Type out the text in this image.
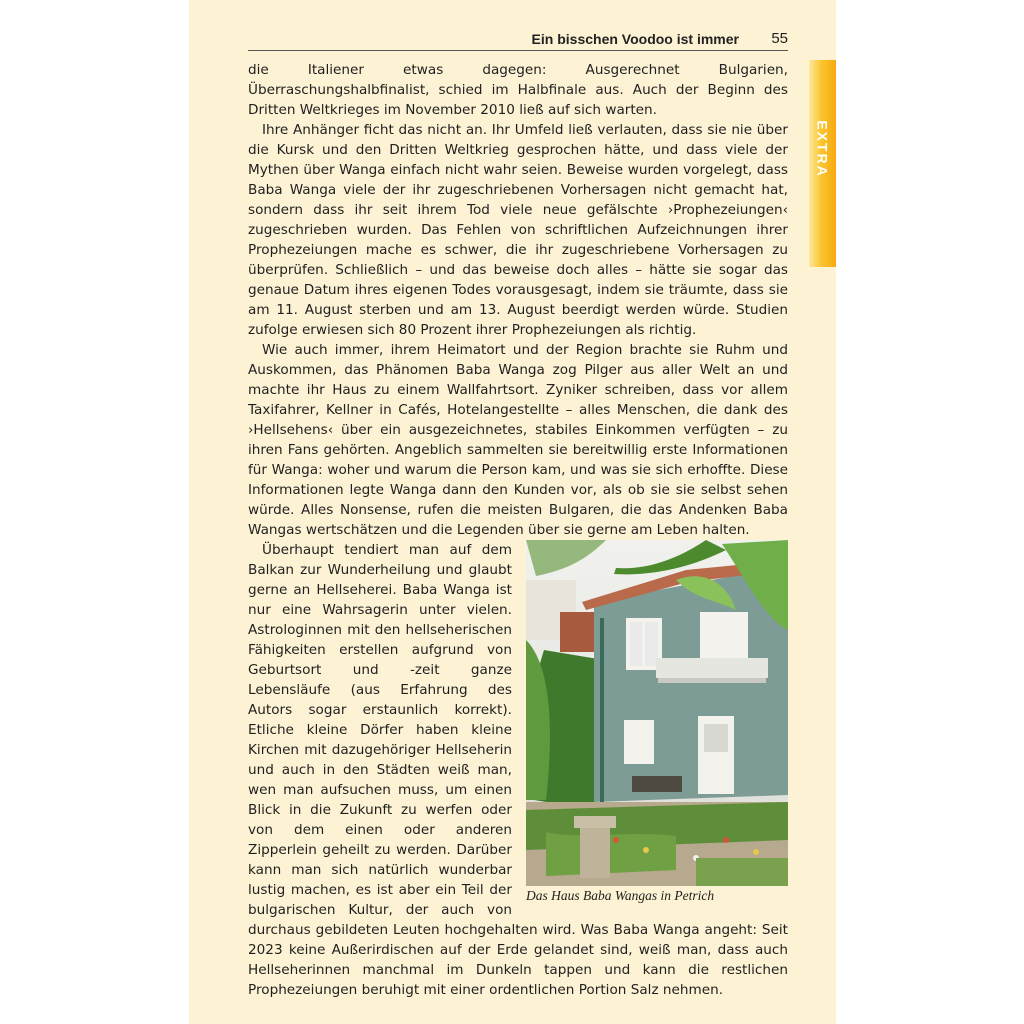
Ein bisschen Voodoo ist immer 55
EXTRA

die Italiener etwas dagegen: Ausgerechnet Bulgarien, Überraschungshalbfinalist, schied im Halbfinale aus. Auch der Beginn des Dritten Weltkrieges im November 2010 ließ auf sich warten.

Ihre Anhänger ficht das nicht an. Ihr Umfeld ließ verlauten, dass sie nie über die Kursk und den Dritten Weltkrieg gesprochen hätte, und dass viele der Mythen über Wanga einfach nicht wahr seien. Beweise wurden vorgelegt, dass Baba Wanga viele der ihr zugeschriebenen Vorhersagen nicht gemacht hat, sondern dass ihr seit ihrem Tod viele neue gefälschte ›Prophezeiungen‹ zugeschrieben wurden. Das Fehlen von schriftlichen Aufzeichnungen ihrer Prophezeiungen mache es schwer, die ihr zugeschriebene Vorhersagen zu überprüfen. Schließlich – und das beweise doch alles – hätte sie sogar das genaue Datum ihres eigenen Todes vorausgesagt, indem sie träumte, dass sie am 11. August sterben und am 13. August beerdigt werden würde. Studien zufolge erwiesen sich 80 Prozent ihrer Prophezeiungen als richtig.

Wie auch immer, ihrem Heimatort und der Region brachte sie Ruhm und Auskommen, das Phänomen Baba Wanga zog Pilger aus aller Welt an und machte ihr Haus zu einem Wallfahrtsort. Zyniker schreiben, dass vor allem Taxifahrer, Kellner in Cafés, Hotelangestellte – alles Menschen, die dank des ›Hellsehens‹ über ein ausgezeichnetes, stabiles Einkommen verfügten – zu ihren Fans gehörten. Angeblich sammelten sie bereitwillig erste Informationen für Wanga: woher und warum die Person kam, und was sie sich erhoffte. Diese Informationen legte Wanga dann den Kunden vor, als ob sie sie selbst sehen würde. Alles Nonsense, rufen die meisten Bulgaren, die das Andenken Baba Wangas wertschätzen und die Legenden über sie gerne am Leben halten.

Das Haus Baba Wangas in Petrich
Überhaupt tendiert man auf dem Balkan zur Wunderheilung und glaubt gerne an Hellseherei. Baba Wanga ist nur eine Wahrsagerin unter vielen. Astrologinnen mit den hellseherischen Fähigkeiten erstellen aufgrund von Geburtsort und -zeit ganze Lebensläufe (aus Erfahrung des Autors sogar erstaunlich korrekt). Etliche kleine Dörfer haben kleine Kirchen mit dazugehöriger Hellseherin und auch in den Städten weiß man, wen man aufsuchen muss, um einen Blick in die Zukunft zu werfen oder von dem einen oder anderen Zipperlein geheilt zu werden. Darüber kann man sich natürlich wunderbar lustig machen, es ist aber ein Teil der bulgarischen Kultur, der auch von durchaus gebildeten Leuten hochgehalten wird. Was Baba Wanga angeht: Seit 2023 keine Außerirdischen auf der Erde gelandet sind, weiß man, dass auch Hellseherinnen manchmal im Dunkeln tappen und kann die restlichen Prophezeiungen beruhigt mit einer ordentlichen Portion Salz nehmen.
